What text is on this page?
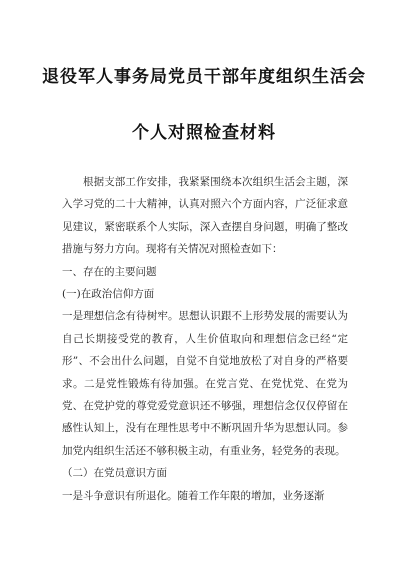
退役军人事务局党员干部年度组织生活会
个人对照检查材料

根据支部工作安排，我紧紧围绕本次组织生活会主题，深入学习党的二十大精神，认真对照六个方面内容，广泛征求意见建议，紧密联系个人实际，深入查摆自身问题，明确了整改措施与努力方向。现将有关情况对照检查如下：

一、存在的主要问题

(一)在政治信仰方面

一是理想信念有待树牢。思想认识跟不上形势发展的需要认为自己长期接受党的教育，人生价值取向和理想信念已经“定形”、不会出什么问题，自觉不自觉地放松了对自身的严格要求。二是党性锻炼有待加强。在党言党、在党忧党、在党为党、在党护党的尊党爱党意识还不够强，理想信念仅仅停留在感性认知上，没有在理性思考中不断巩固升华为思想认同。参加党内组织生活还不够积极主动，有重业务，轻党务的表现。

（二）在党员意识方面

一是斗争意识有所退化。随着工作年限的增加，业务逐渐
